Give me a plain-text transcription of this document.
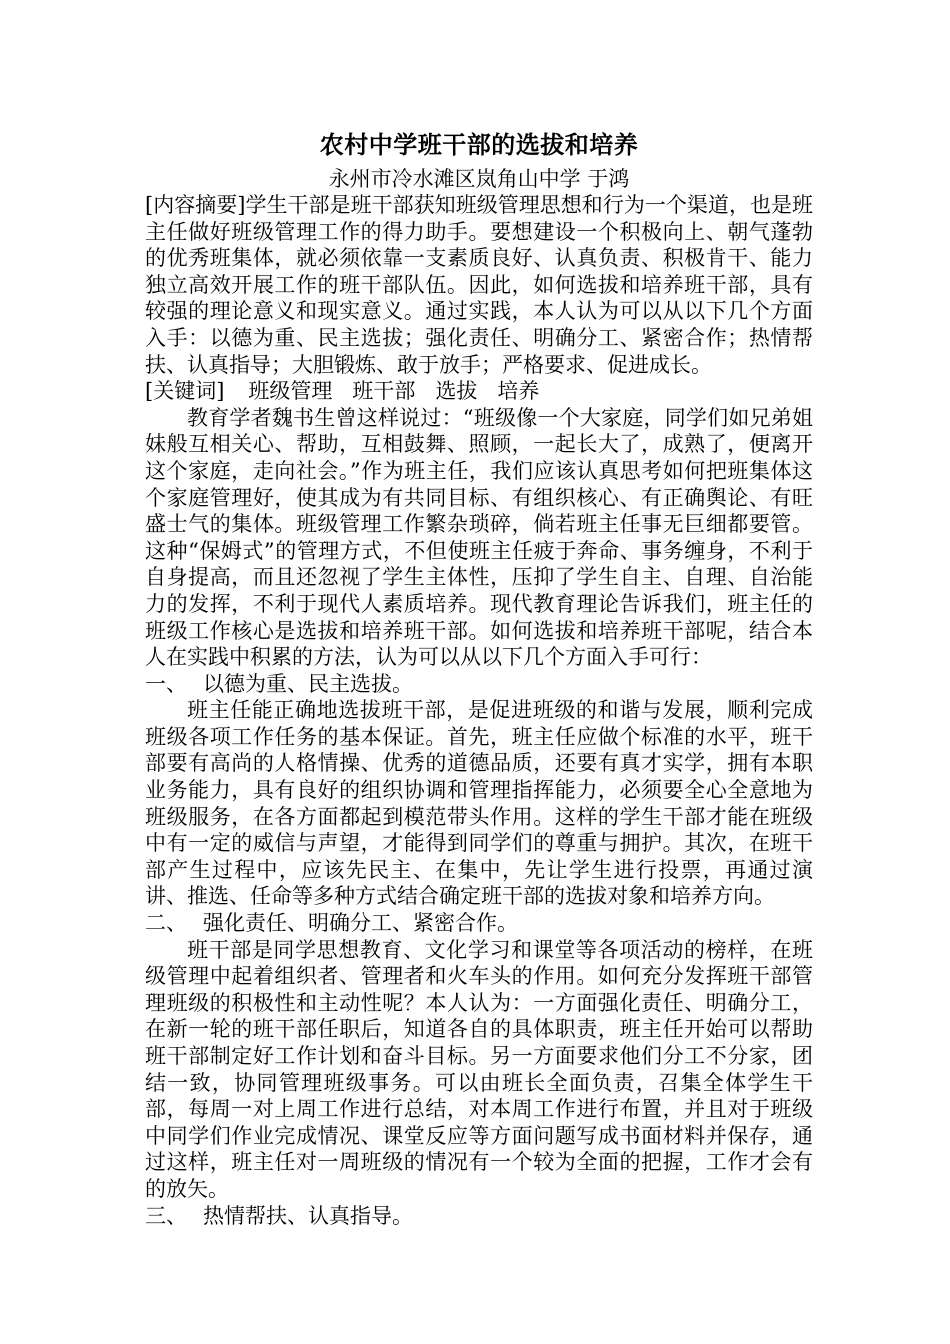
农村中学班干部的选拔和培养
永州市冷水滩区岚角山中学 于鸿

[内容摘要]学生干部是班干部获知班级管理思想和行为一个渠道，也是班主任做好班级管理工作的得力助手。要想建设一个积极向上、朝气蓬勃的优秀班集体，就必须依靠一支素质良好、认真负责、积极肯干、能力独立高效开展工作的班干部队伍。因此，如何选拔和培养班干部，具有较强的理论意义和现实意义。通过实践，本人认为可以从以下几个方面入手：以德为重、民主选拔；强化责任、明确分工、紧密合作；热情帮扶、认真指导；大胆锻炼、敢于放手；严格要求、促进成长。

[关键词] 班级管理 班干部 选拔 培养

教育学者魏书生曾这样说过：“班级像一个大家庭，同学们如兄弟姐妹般互相关心、帮助，互相鼓舞、照顾，一起长大了，成熟了，便离开这个家庭，走向社会。”作为班主任，我们应该认真思考如何把班集体这个家庭管理好，使其成为有共同目标、有组织核心、有正确舆论、有旺盛士气的集体。班级管理工作繁杂琐碎，倘若班主任事无巨细都要管。这种“保姆式”的管理方式，不但使班主任疲于奔命、事务缠身，不利于自身提高，而且还忽视了学生主体性，压抑了学生自主、自理、自治能力的发挥，不利于现代人素质培养。现代教育理论告诉我们，班主任的班级工作核心是选拔和培养班干部。如何选拔和培养班干部呢，结合本人在实践中积累的方法，认为可以从以下几个方面入手可行：

一、 以德为重、民主选拔。

班主任能正确地选拔班干部，是促进班级的和谐与发展，顺利完成班级各项工作任务的基本保证。首先，班主任应做个标准的水平，班干部要有高尚的人格情操、优秀的道德品质，还要有真才实学，拥有本职业务能力，具有良好的组织协调和管理指挥能力，必须要全心全意地为班级服务，在各方面都起到模范带头作用。这样的学生干部才能在班级中有一定的威信与声望，才能得到同学们的尊重与拥护。其次，在班干部产生过程中，应该先民主、在集中，先让学生进行投票，再通过演讲、推选、任命等多种方式结合确定班干部的选拔对象和培养方向。

二、 强化责任、明确分工、紧密合作。

班干部是同学思想教育、文化学习和课堂等各项活动的榜样，在班级管理中起着组织者、管理者和火车头的作用。如何充分发挥班干部管理班级的积极性和主动性呢？本人认为：一方面强化责任、明确分工，在新一轮的班干部任职后，知道各自的具体职责，班主任开始可以帮助班干部制定好工作计划和奋斗目标。另一方面要求他们分工不分家，团结一致，协同管理班级事务。可以由班长全面负责，召集全体学生干部，每周一对上周工作进行总结，对本周工作进行布置，并且对于班级中同学们作业完成情况、课堂反应等方面问题写成书面材料并保存，通过这样，班主任对一周班级的情况有一个较为全面的把握，工作才会有的放矢。

三、 热情帮扶、认真指导。
